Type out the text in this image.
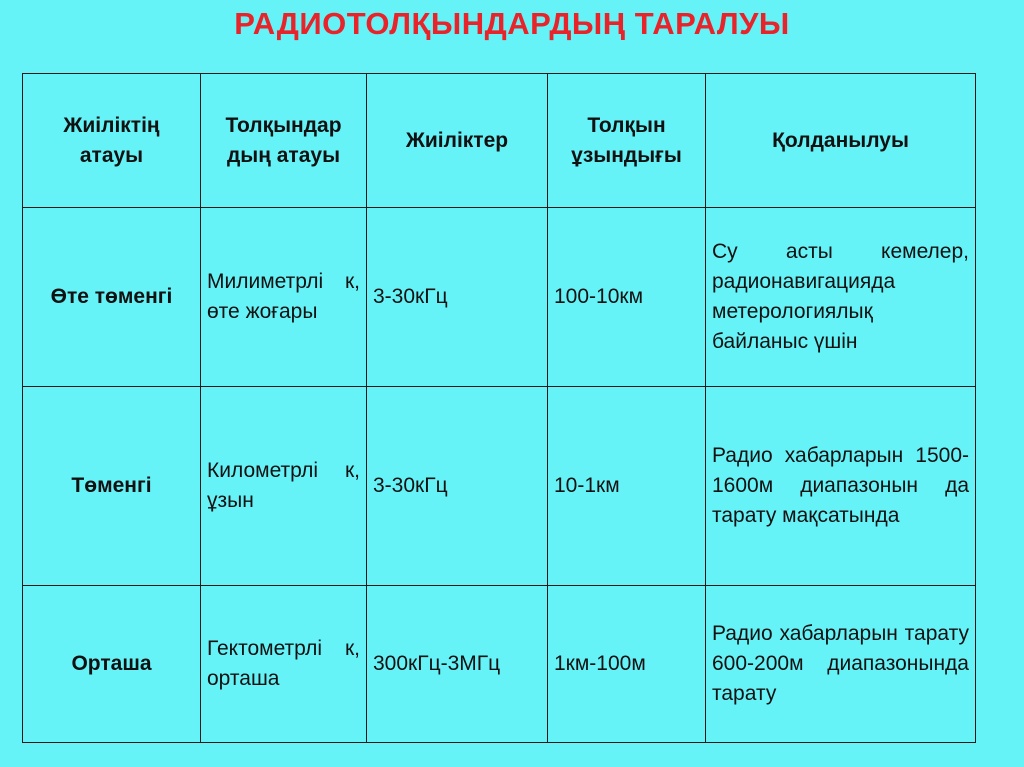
РАДИОТОЛҚЫНДАРДЫҢ ТАРАЛУЫ
Жиіліктің атауы	Толқындар дың атауы	Жиіліктер	Толқын ұзындығы	Қолданылуы
Өте төменгі	Милиметрлі к, өте жоғары	3-30кГц	100-10км	Су асты кемелер, радионавигацияда метерологиялық байланыс үшін
Төменгі	Километрлі к, ұзын	3-30кГц	10-1км	Радио хабарларын 1500- 1600м диапазонын да тарату мақсатында
Орташа	Гектометрлі к, орташа	300кГц-3МГц	1км-100м	Радио хабарларын тарату 600-200м диапазонында тарату
